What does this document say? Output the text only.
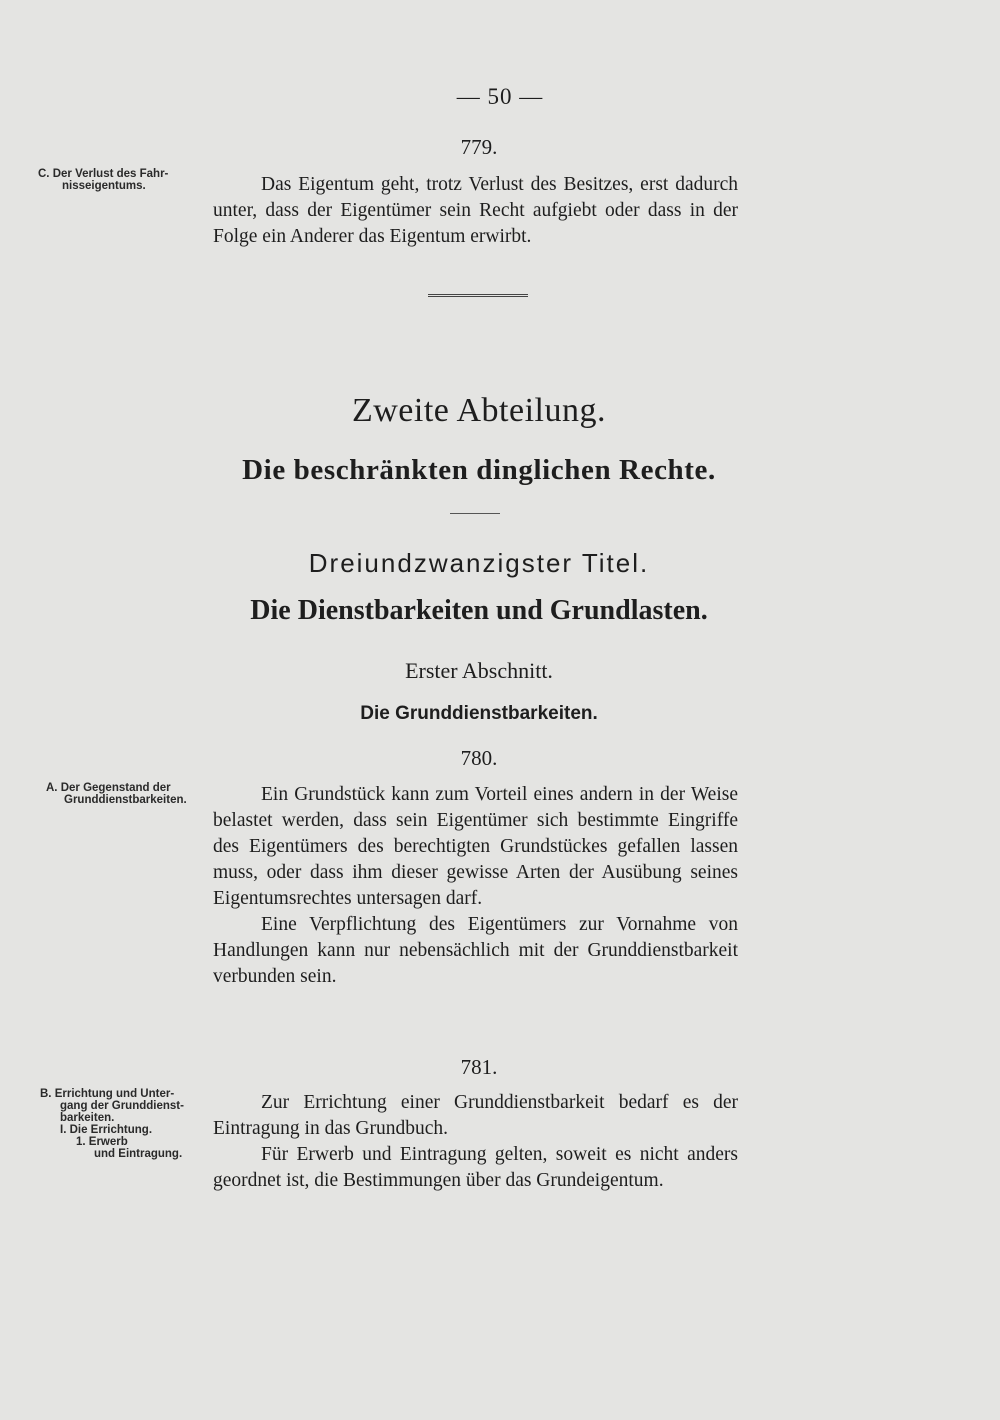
— 50 —
779.
C. Der Verlust des Fahr-
nisseigentums.	Das Eigentum geht, trotz Verlust des Besitzes, erst dadurch unter, dass der Eigentümer sein Recht aufgiebt oder dass in der Folge ein Anderer das Eigentum erwirbt.

Zweite Abteilung.
Die beschränkten dinglichen Rechte.
Dreiundzwanzigster Titel.
Die Dienstbarkeiten und Grundlasten.
Erster Abschnitt.
Die Grunddienstbarkeiten.
780.
A. Der Gegenstand der
Grunddienstbarkeiten.	Ein Grundstück kann zum Vorteil eines andern in der Weise belastet werden, dass sein Eigentümer sich bestimmte Eingriffe des Eigentümers des berechtigten Grundstückes gefallen lassen muss, oder dass ihm dieser gewisse Arten der Ausübung seines Eigentumsrechtes untersagen darf.

Eine Verpflichtung des Eigentümers zur Vornahme von Handlungen kann nur nebensächlich mit der Grunddienstbarkeit verbunden sein.

781.
B. Errichtung und Unter-
gang der Grunddienst-
barkeiten.
I. Die Errichtung.
1. Erwerb
und Eintragung.

Zur Errichtung einer Grunddienstbarkeit bedarf es der Eintragung in das Grundbuch.

Für Erwerb und Eintragung gelten, soweit es nicht anders geordnet ist, die Bestimmungen über das Grundeigentum.
